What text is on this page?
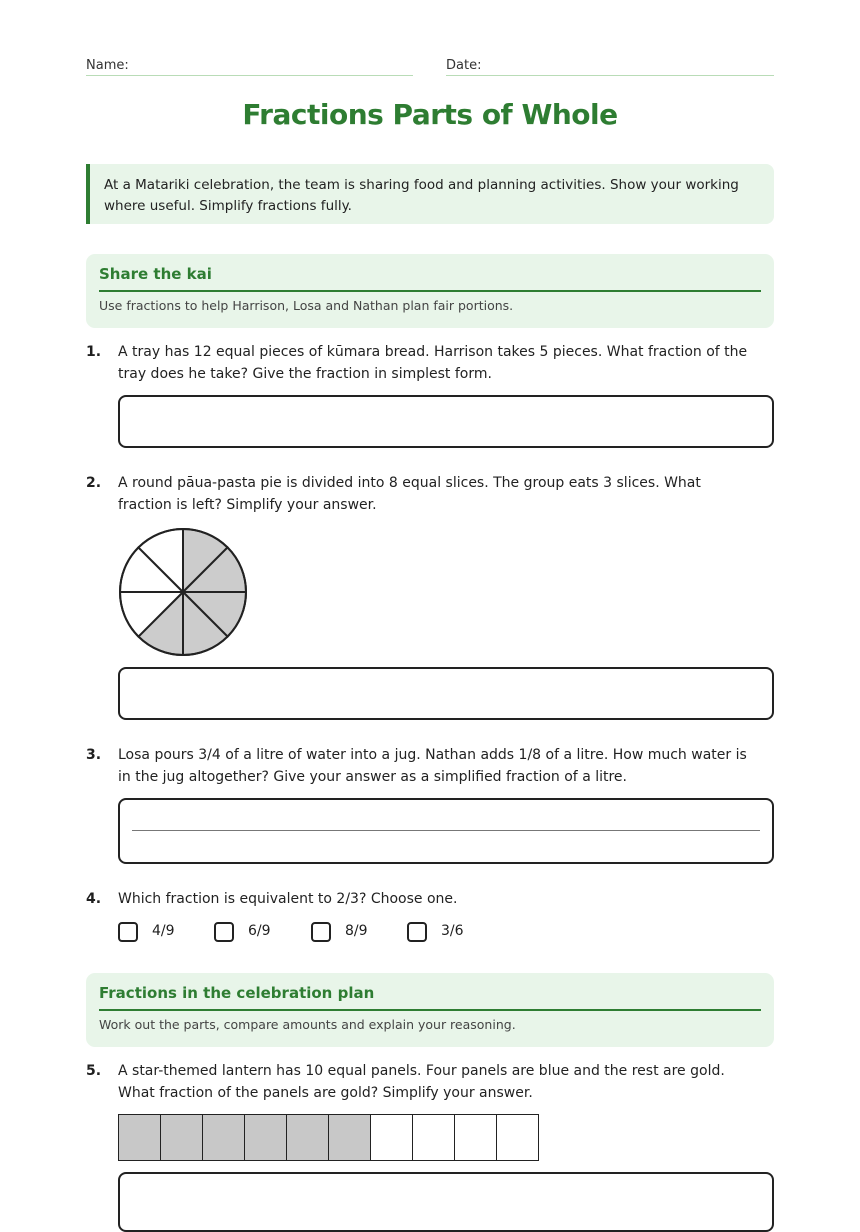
Name:	Date:
Fractions Parts of Whole
At a Matariki celebration, the team is sharing food and planning activities. Show your working where useful. Simplify fractions fully.
Share the kai
Use fractions to help Harrison, Losa and Nathan plan fair portions.
1. A tray has 12 equal pieces of kūmara bread. Harrison takes 5 pieces. What fraction of the tray does he take? Give the fraction in simplest form.
2. A round pāua-pasta pie is divided into 8 equal slices. The group eats 3 slices. What fraction is left? Simplify your answer.
3. Losa pours 3/4 of a litre of water into a jug. Nathan adds 1/8 of a litre. How much water is in the jug altogether? Give your answer as a simplified fraction of a litre.
4. Which fraction is equivalent to 2/3? Choose one.
4/9	6/9	8/9	3/6
Fractions in the celebration plan
Work out the parts, compare amounts and explain your reasoning.
5. A star-themed lantern has 10 equal panels. Four panels are blue and the rest are gold. What fraction of the panels are gold? Simplify your answer.
